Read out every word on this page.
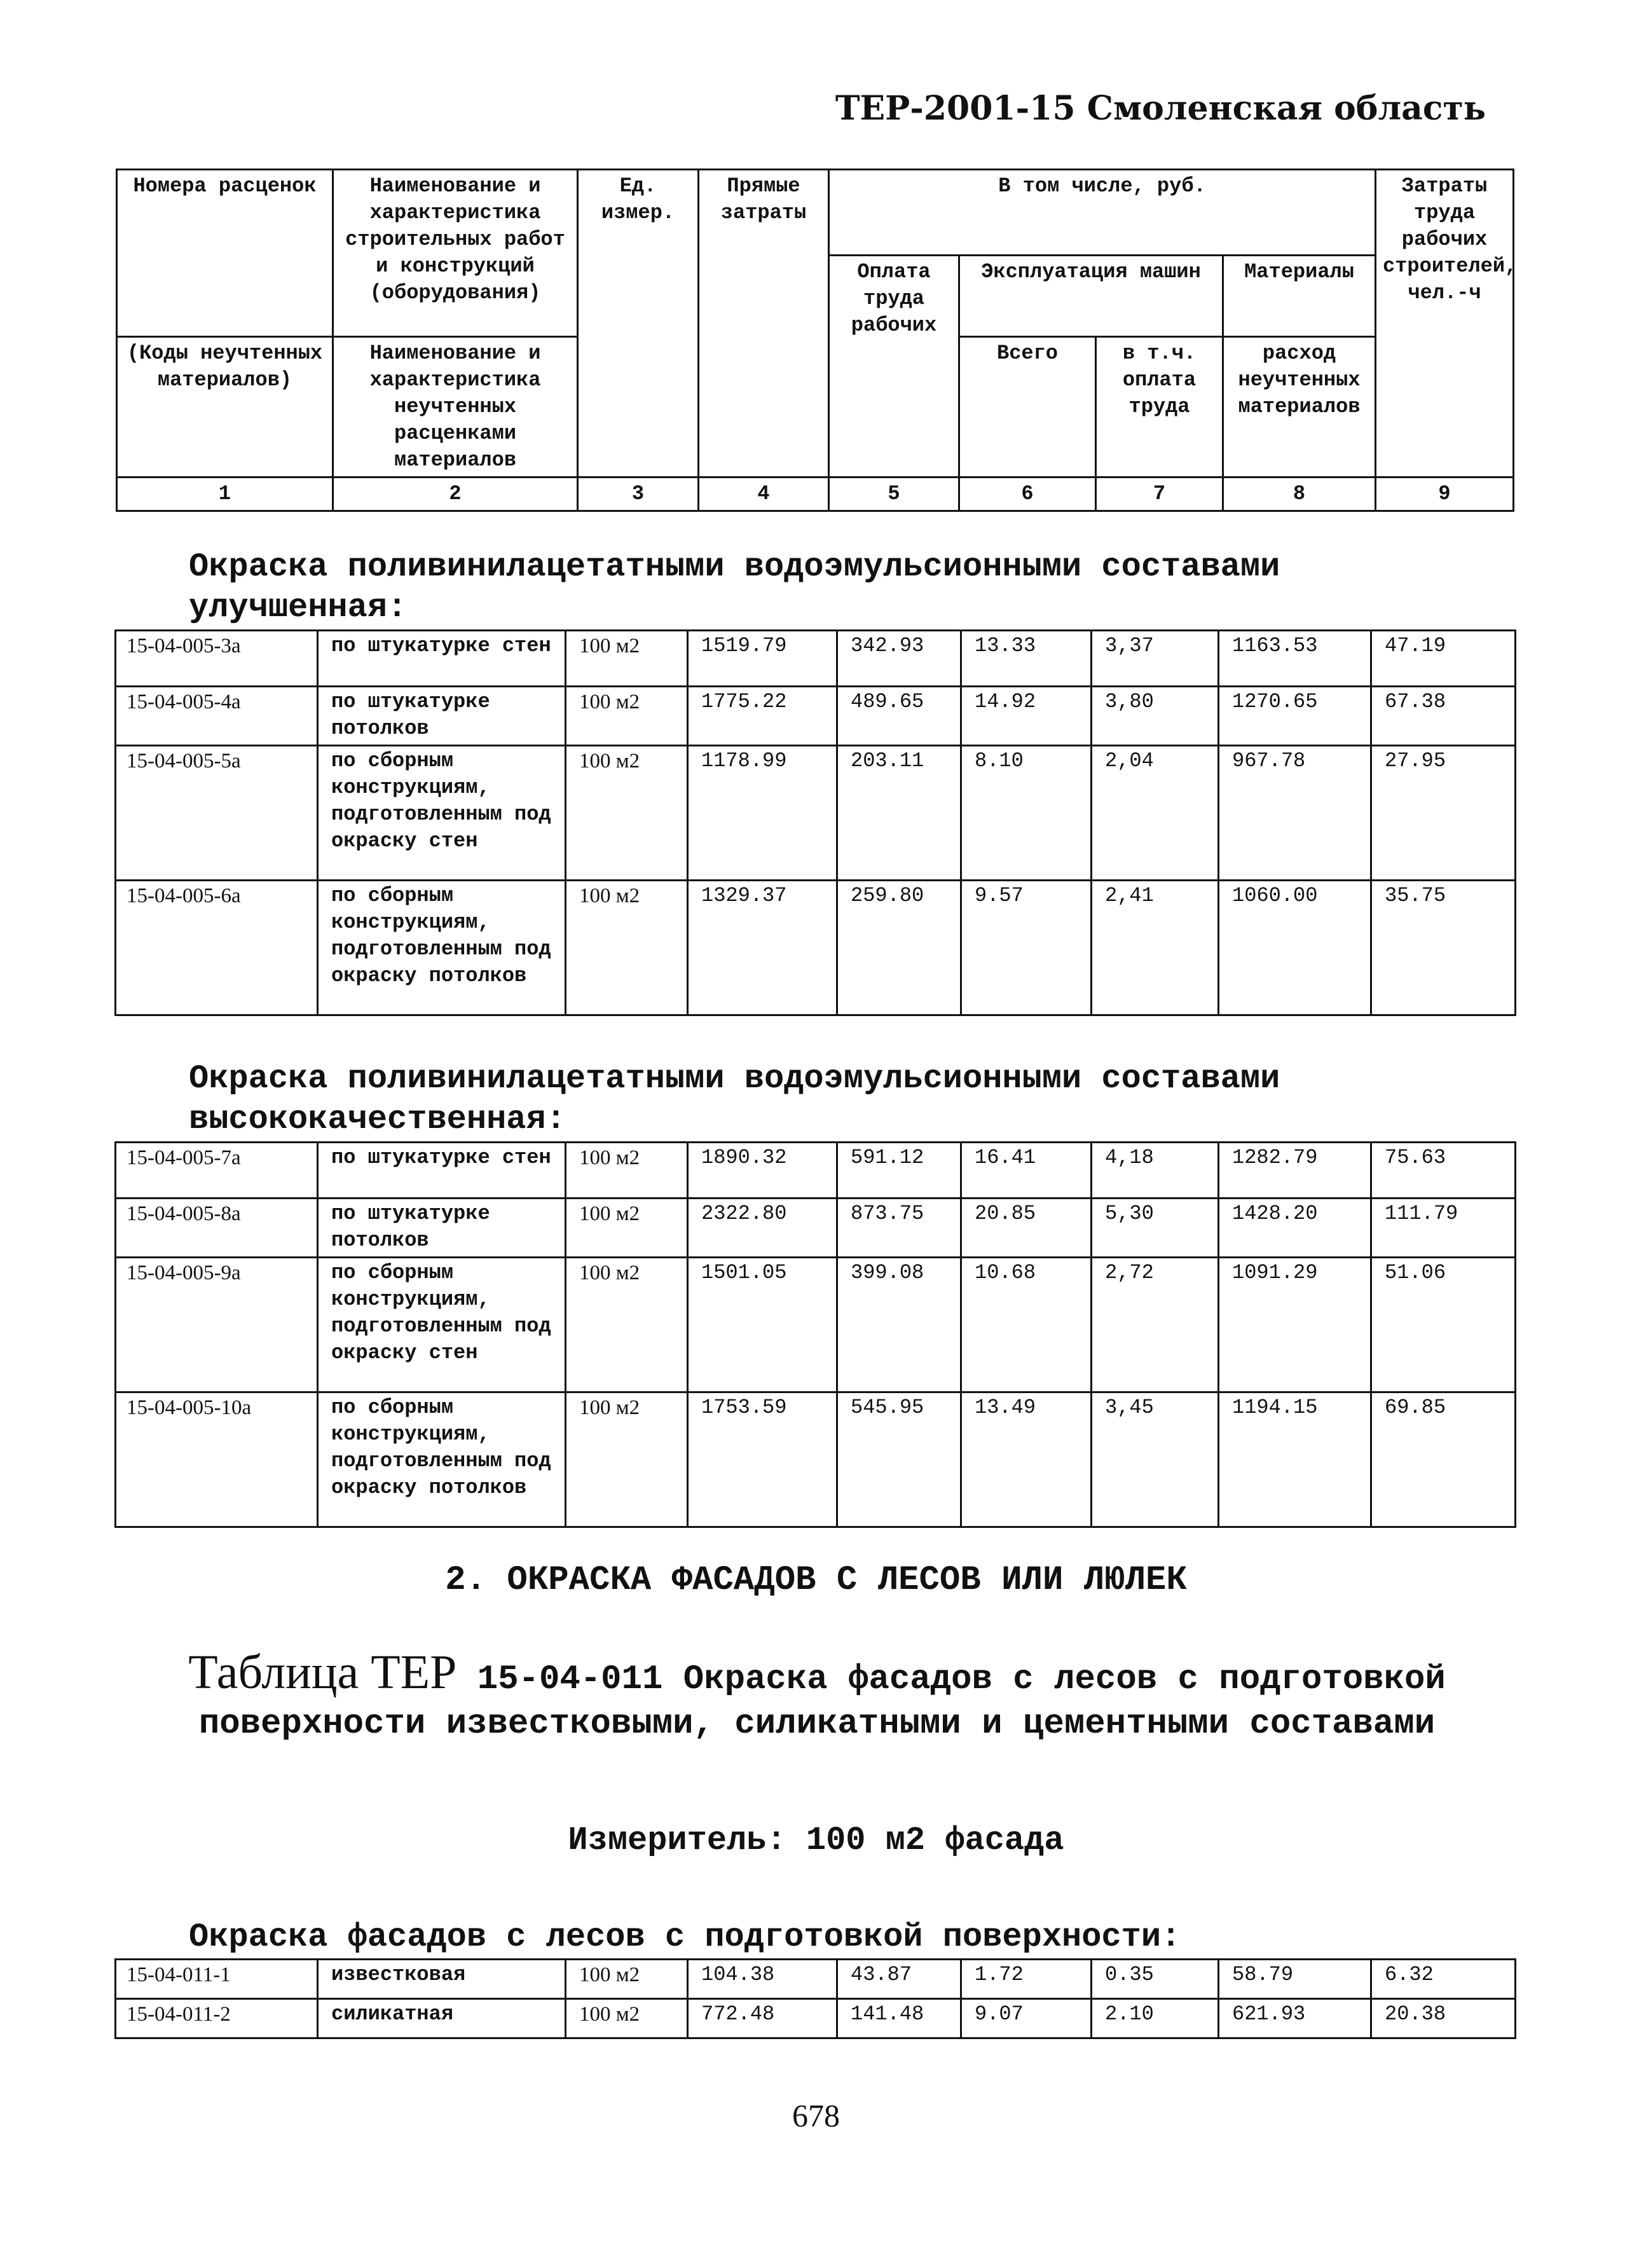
ТЕР-2001-15 Смоленская область
Номера расценок	Наименование и характеристика строительных работ и конструкций (оборудования)	Ед. измер.	Прямые затраты	В том числе, руб.				Затраты труда рабочих строителей, чел.-ч
				Оплата труда рабочих	Эксплуатация машин		Материалы	
(Коды неучтенных материалов)	Наименование и характеристика неучтенных расценками материалов				Всего	в т.ч. оплата труда	расход неучтенных материалов	
1	2	3	4	5	6	7	8	9
Окраска поливинилацетатными водоэмульсионными составами улучшенная:
15-04-005-3а	по штукатурке стен	100 м2	1519.79	342.93	13.33	3,37	1163.53	47.19
15-04-005-4а	по штукатурке потолков	100 м2	1775.22	489.65	14.92	3,80	1270.65	67.38
15-04-005-5а	по сборным конструкциям, подготовленным под окраску стен	100 м2	1178.99	203.11	8.10	2,04	967.78	27.95
15-04-005-6а	по сборным конструкциям, подготовленным под окраску потолков	100 м2	1329.37	259.80	9.57	2,41	1060.00	35.75
Окраска поливинилацетатными водоэмульсионными составами высококачественная:
15-04-005-7а	по штукатурке стен	100 м2	1890.32	591.12	16.41	4,18	1282.79	75.63
15-04-005-8а	по штукатурке потолков	100 м2	2322.80	873.75	20.85	5,30	1428.20	111.79
15-04-005-9а	по сборным конструкциям, подготовленным под окраску стен	100 м2	1501.05	399.08	10.68	2,72	1091.29	51.06
15-04-005-10а	по сборным конструкциям, подготовленным под окраску потолков	100 м2	1753.59	545.95	13.49	3,45	1194.15	69.85
2. ОКРАСКА ФАСАДОВ С ЛЕСОВ ИЛИ ЛЮЛЕК
Таблица ТЕР 15-04-011 Окраска фасадов с лесов с подготовкой поверхности известковыми, силикатными и цементными составами
Измеритель: 100 м2 фасада
Окраска фасадов с лесов с подготовкой поверхности:
15-04-011-1	известковая	100 м2	104.38	43.87	1.72	0.35	58.79	6.32
15-04-011-2	силикатная	100 м2	772.48	141.48	9.07	2.10	621.93	20.38
678
